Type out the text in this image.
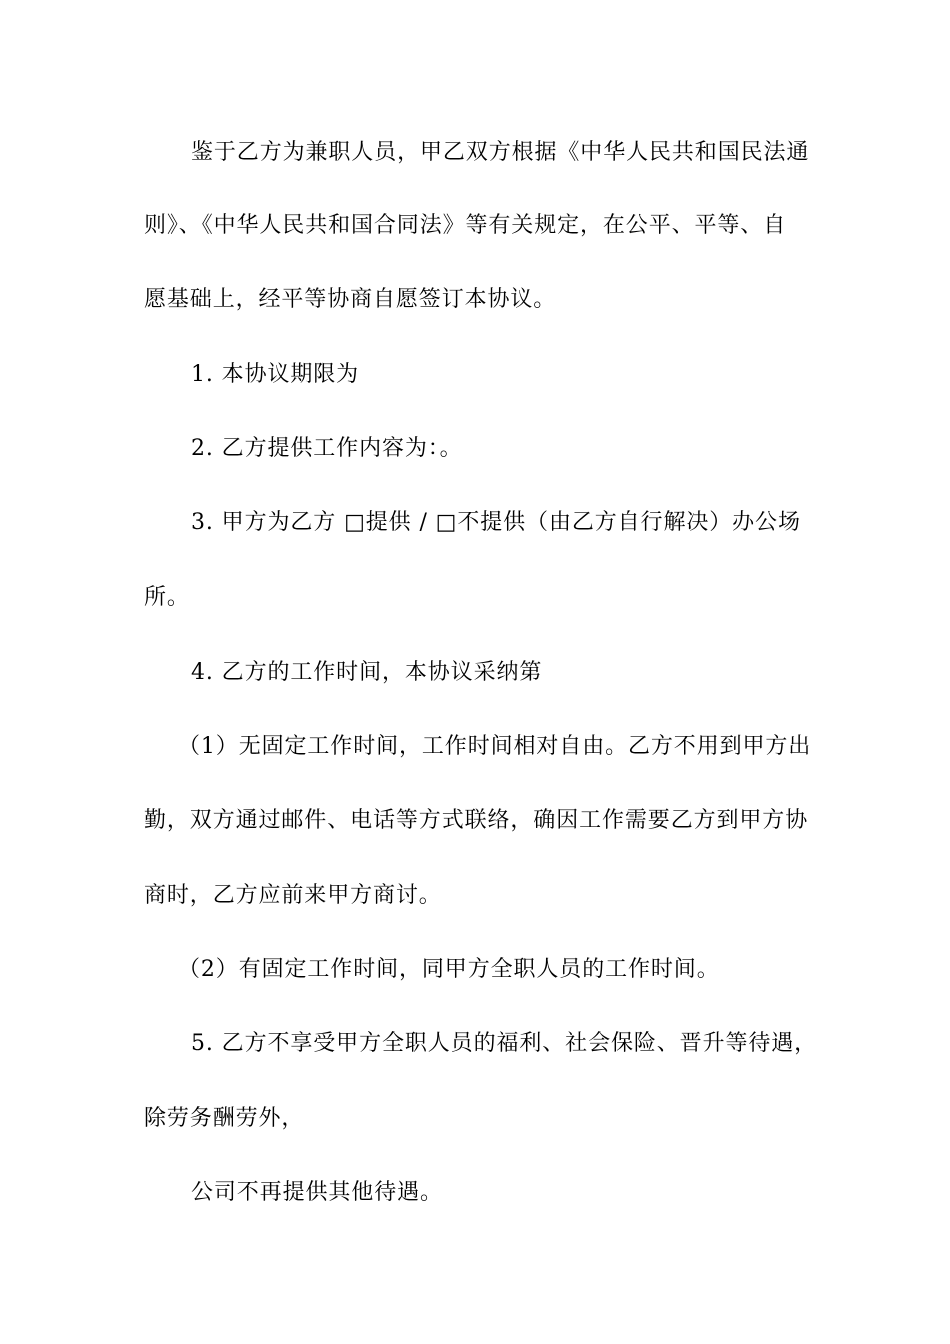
鉴于乙方为兼职人员，甲乙双方根据《中华人民共和国民法通
则》、《中华人民共和国合同法》等有关规定，在公平、平等、自
愿基础上，经平等协商自愿签订本协议。
1. 本协议期限为
2. 乙方提供工作内容为：。
3. 甲方为乙方 □提供 / □不提供（由乙方自行解决）办公场
所。
4. 乙方的工作时间，本协议采纳第
（1）无固定工作时间，工作时间相对自由。乙方不用到甲方出
勤，双方通过邮件、电话等方式联络，确因工作需要乙方到甲方协
商时，乙方应前来甲方商讨。
（2）有固定工作时间，同甲方全职人员的工作时间。
5. 乙方不享受甲方全职人员的福利、社会保险、晋升等待遇，
除劳务酬劳外，
公司不再提供其他待遇。
